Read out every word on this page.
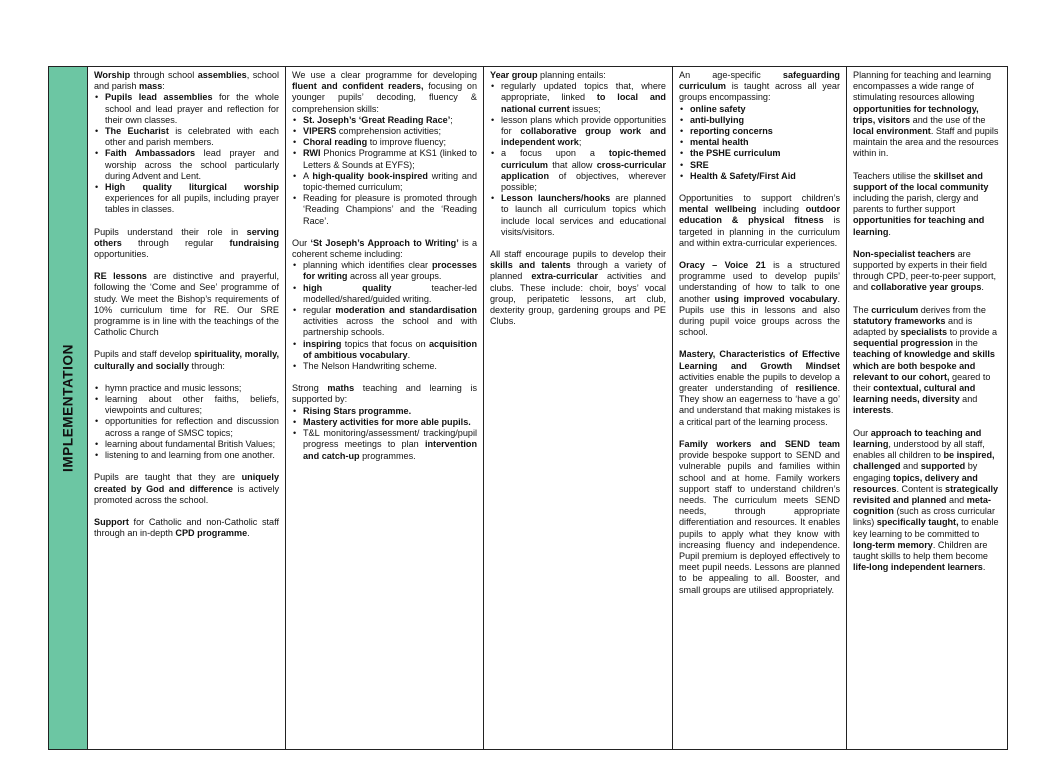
IMPLEMENTATION

Worship through school assemblies, school and parish mass:

• Pupils lead assemblies for the whole school and lead prayer and reflection for their own classes.
• The Eucharist is celebrated with each other and parish members.
• Faith Ambassadors lead prayer and worship across the school particularly during Advent and Lent.
• High quality liturgical worship experiences for all pupils, including prayer tables in classes.

Pupils understand their role in serving others through regular fundraising opportunities.

RE lessons are distinctive and prayerful, following the ‘Come and See’ programme of study. We meet the Bishop’s requirements of 10% curriculum time for RE. Our SRE programme is in line with the teachings of the Catholic Church

Pupils and staff develop spirituality, morally, culturally and socially through:

• hymn practice and music lessons;
• learning about other faiths, beliefs, viewpoints and cultures;
• opportunities for reflection and discussion across a range of SMSC topics;
• learning about fundamental British Values;
• listening to and learning from one another.

Pupils are taught that they are uniquely created by God and difference is actively promoted across the school.

Support for Catholic and non-Catholic staff through an in-depth CPD programme.

We use a clear programme for developing fluent and confident readers, focusing on younger pupils’ decoding, fluency & comprehension skills:

• St. Joseph’s ‘Great Reading Race’;
• VIPERS comprehension activities;
• Choral reading to improve fluency;
• RWI Phonics Programme at KS1 (linked to Letters & Sounds at EYFS);
• A high-quality book-inspired writing and topic-themed curriculum;
• Reading for pleasure is promoted through ‘Reading Champions’ and the ‘Reading Race’.

Our ‘St Joseph’s Approach to Writing’ is a coherent scheme including:

• planning which identifies clear processes for writing across all year groups.
• high quality teacher-led modelled/shared/guided writing.
• regular moderation and standardisation activities across the school and with partnership schools.
• inspiring topics that focus on acquisition of ambitious vocabulary.
• The Nelson Handwriting scheme.

Strong maths teaching and learning is supported by:

• Rising Stars programme.
• Mastery activities for more able pupils.
• T&L monitoring/assessment/ tracking/pupil progress meetings to plan intervention and catch-up programmes.

Year group planning entails:

• regularly updated topics that, where appropriate, linked to local and national current issues;
• lesson plans which provide opportunities for collaborative group work and independent work;
• a focus upon a topic-themed curriculum that allow cross-curricular application of objectives, wherever possible;
• Lesson launchers/hooks are planned to launch all curriculum topics which include local services and educational visits/visitors.

All staff encourage pupils to develop their skills and talents through a variety of planned extra-curricular activities and clubs. These include: choir, boys’ vocal group, peripatetic lessons, art club, dexterity group, gardening groups and PE Clubs.

An age-specific safeguarding curriculum is taught across all year groups encompassing:

• online safety
• anti-bullying
• reporting concerns
• mental health
• the PSHE curriculum
• SRE
• Health & Safety/First Aid

Opportunities to support children’s mental wellbeing including outdoor education & physical fitness is targeted in planning in the curriculum and within extra-curricular experiences.

Oracy – Voice 21 is a structured programme used to develop pupils’ understanding of how to talk to one another using improved vocabulary. Pupils use this in lessons and also during pupil voice groups across the school.

Mastery, Characteristics of Effective Learning and Growth Mindset activities enable the pupils to develop a greater understanding of resilience. They show an eagerness to ‘have a go’ and understand that making mistakes is a critical part of the learning process.

Family workers and SEND team provide bespoke support to SEND and vulnerable pupils and families within school and at home. Family workers support staff to understand children’s needs. The curriculum meets SEND needs, through appropriate differentiation and resources. It enables pupils to apply what they know with increasing fluency and independence. Pupil premium is deployed effectively to meet pupil needs. Lessons are planned to be appealing to all. Booster, and small groups are utilised appropriately.

Planning for teaching and learning encompasses a wide range of stimulating resources allowing opportunities for technology, trips, visitors and the use of the local environment. Staff and pupils maintain the area and the resources within in.

Teachers utilise the skillset and support of the local community including the parish, clergy and parents to further support opportunities for teaching and learning.

Non-specialist teachers are supported by experts in their field through CPD, peer-to-peer support, and collaborative year groups.

The curriculum derives from the statutory frameworks and is adapted by specialists to provide a sequential progression in the teaching of knowledge and skills which are both bespoke and relevant to our cohort, geared to their contextual, cultural and learning needs, diversity and interests.

Our approach to teaching and learning, understood by all staff, enables all children to be inspired, challenged and supported by engaging topics, delivery and resources. Content is strategically revisited and planned and meta-cognition (such as cross curricular links) specifically taught, to enable key learning to be committed to long-term memory. Children are taught skills to help them become life-long independent learners.
